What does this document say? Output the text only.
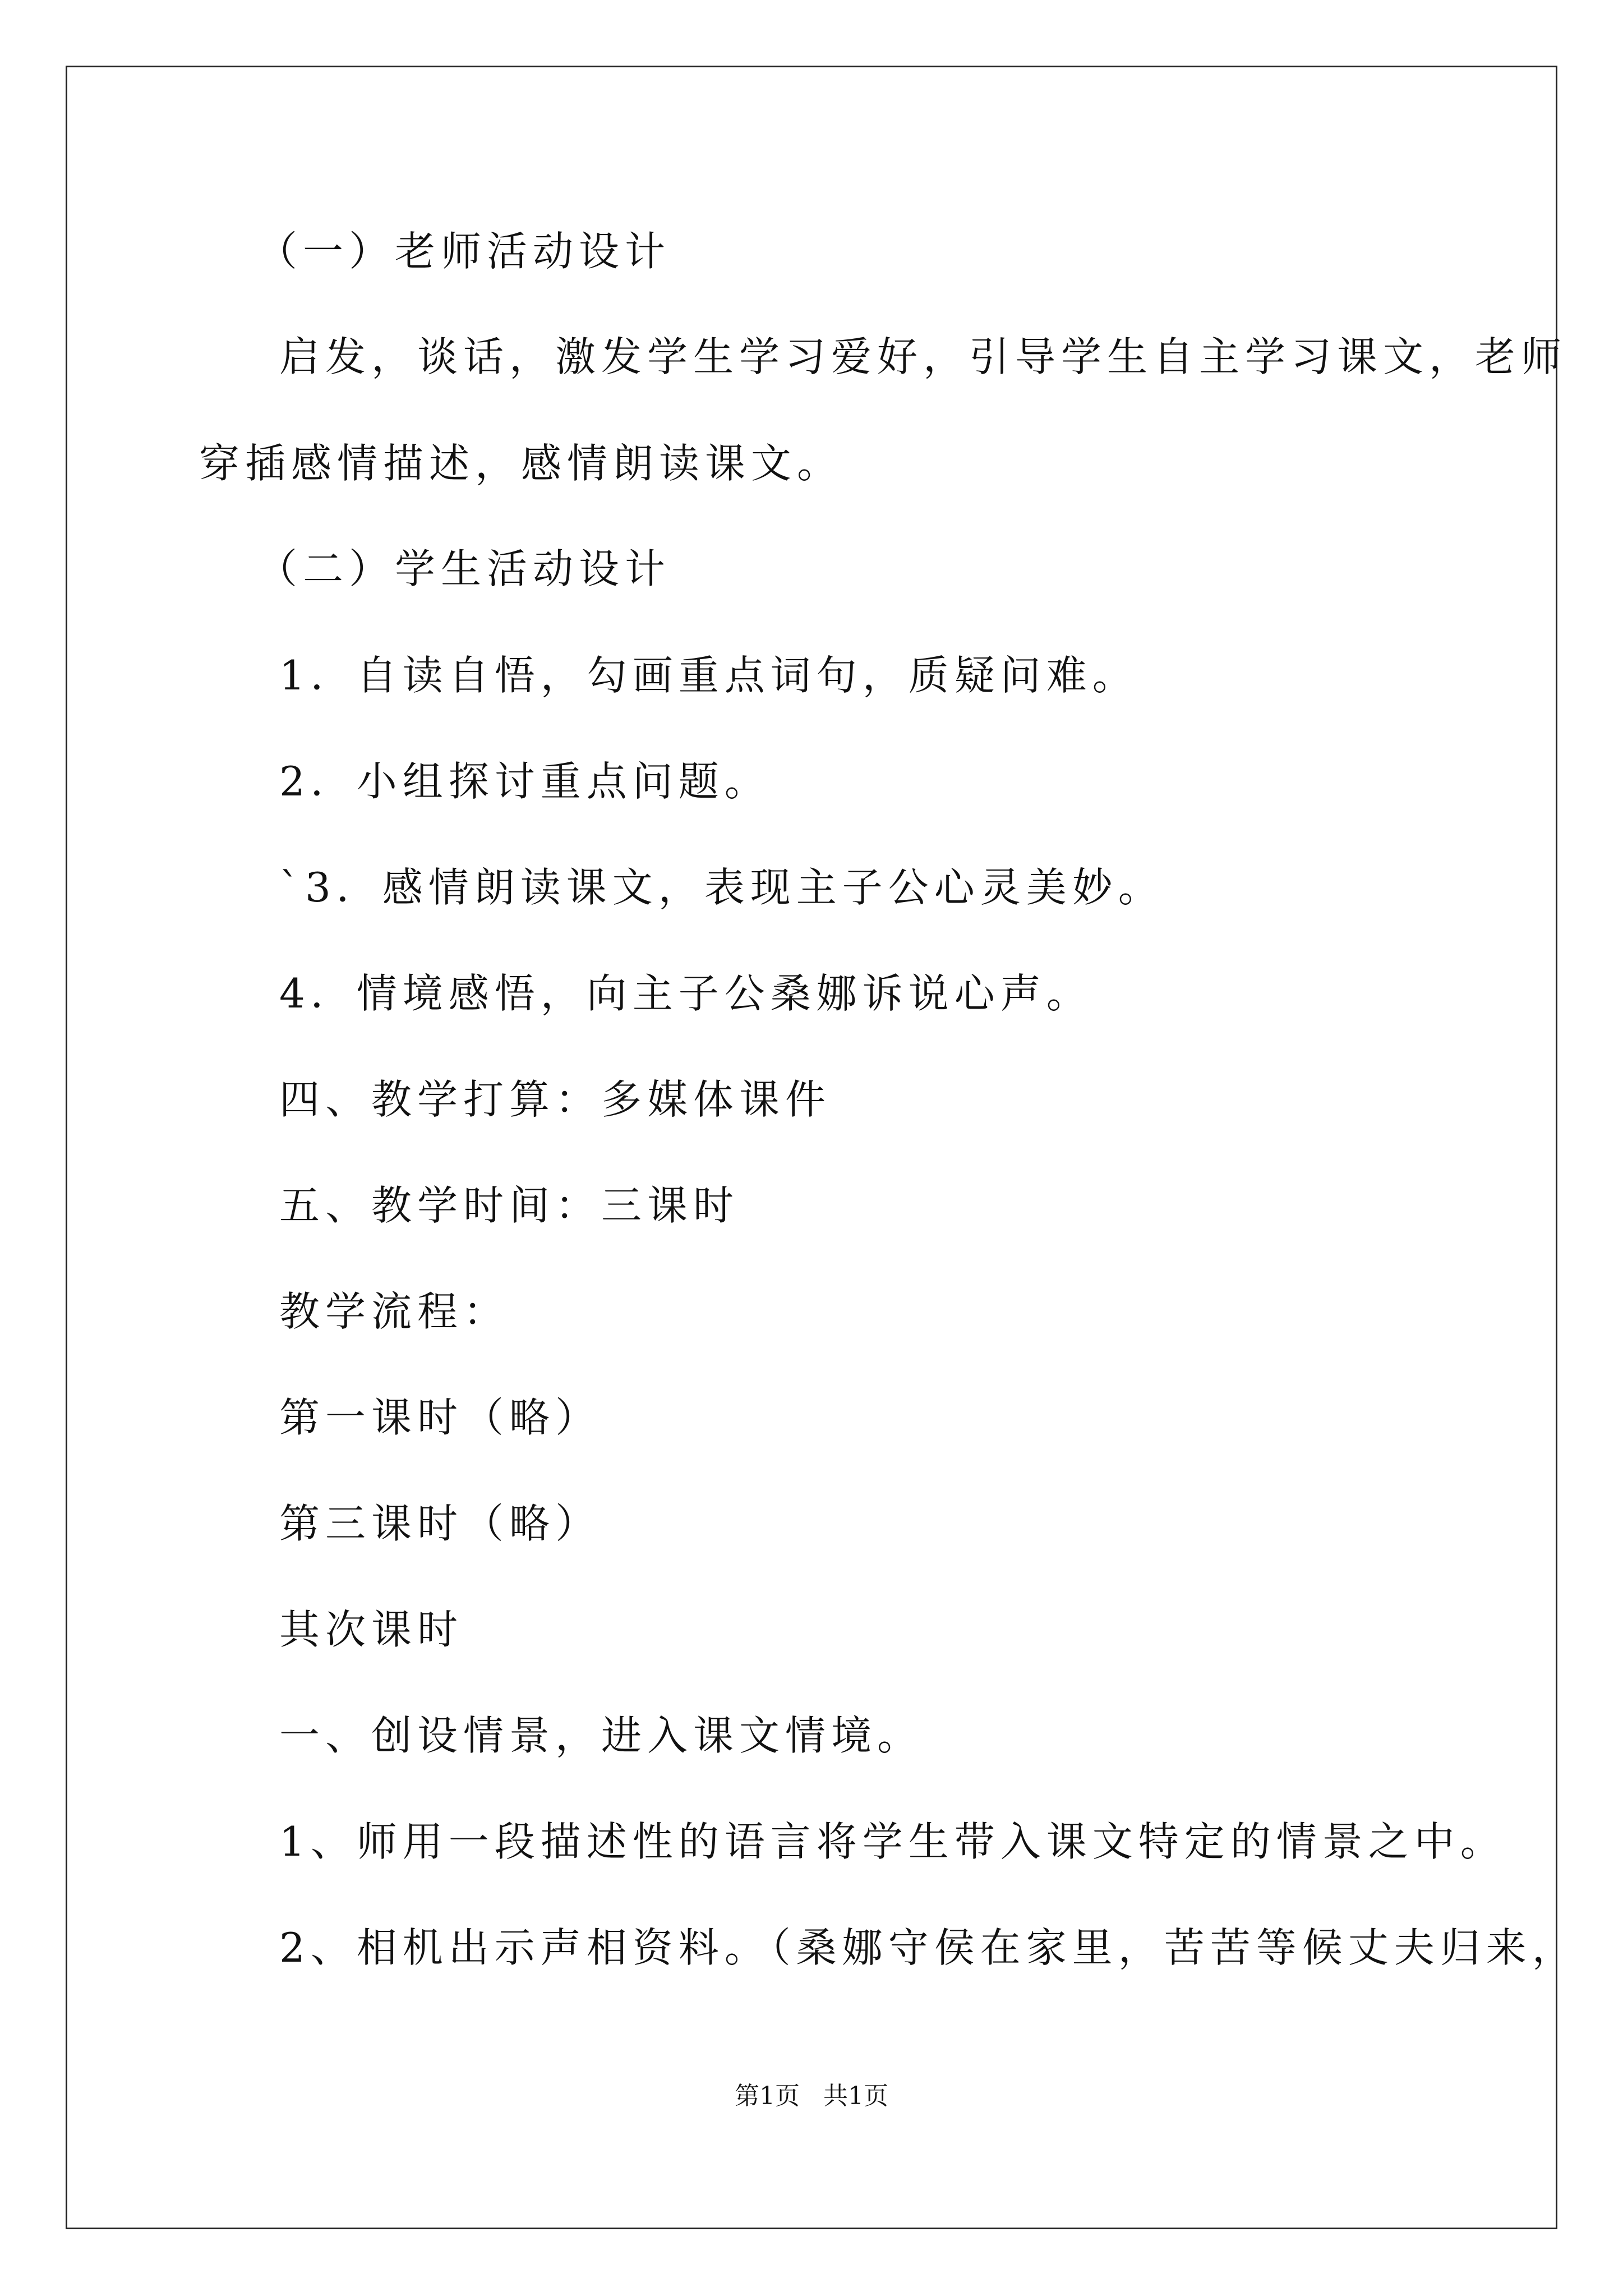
（一）老师活动设计
启发，谈话，激发学生学习爱好，引导学生自主学习课文，老师
穿插感情描述，感情朗读课文。
（二）学生活动设计
1．自读自悟，勾画重点词句，质疑问难。
2．小组探讨重点问题。
`3．感情朗读课文，表现主子公心灵美妙。
4．情境感悟，向主子公桑娜诉说心声。
四、教学打算：多媒体课件
五、教学时间：三课时
教学流程：
第一课时（略）
第三课时（略）
其次课时
一、创设情景，进入课文情境。
1、师用一段描述性的语言将学生带入课文特定的情景之中。
2、相机出示声相资料。（桑娜守侯在家里，苦苦等候丈夫归来，
第1页   共1页
